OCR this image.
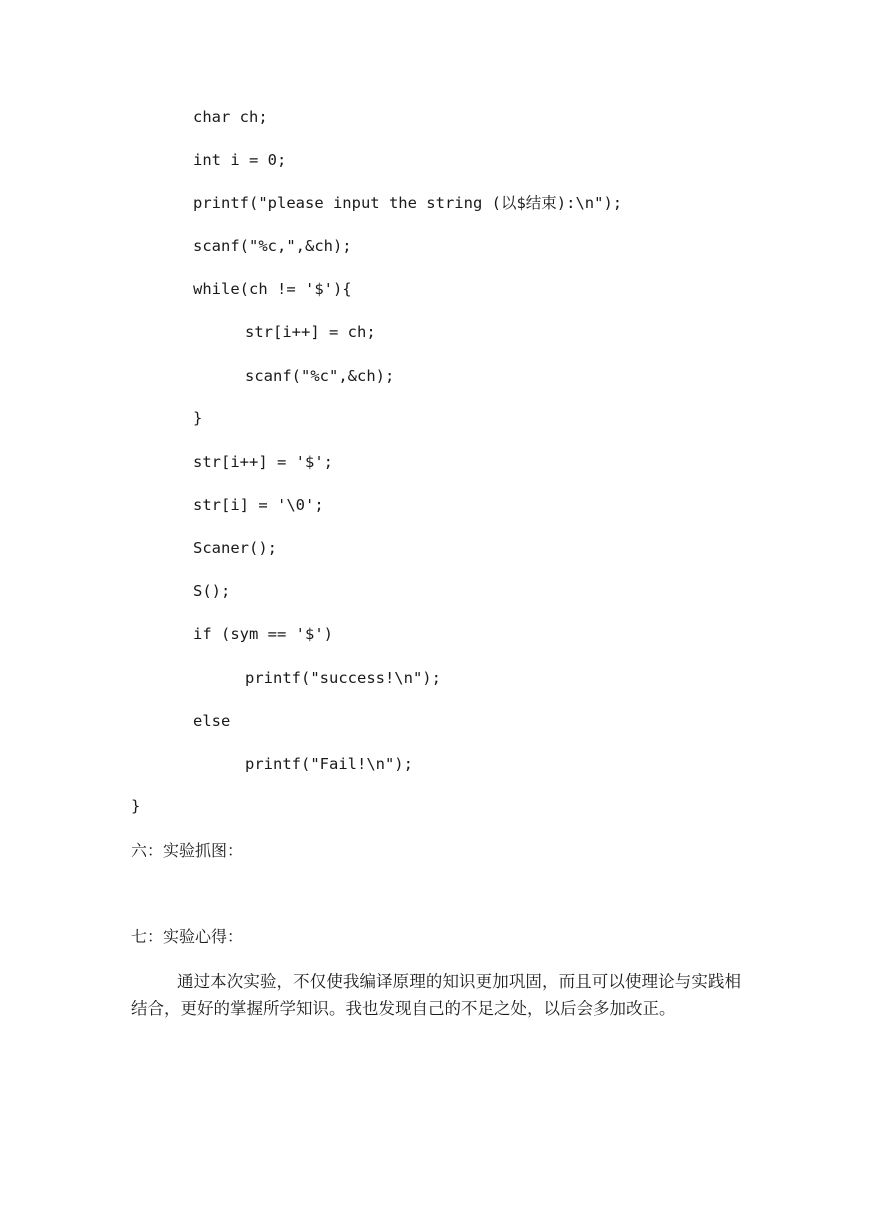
char ch;
int i = 0;
printf("please input the string (以$结束):\n");
scanf("%c,",&ch);
while(ch != '$'){
str[i++] = ch;
scanf("%c",&ch);
}
str[i++] = '$';
str[i] = '\0';
Scaner();
S();
if (sym == '$')
printf("success!\n");
else
printf("Fail!\n");
}
六：实验抓图：
七：实验心得：
通过本次实验，不仅使我编译原理的知识更加巩固，而且可以使理论与实践相结合，更好的掌握所学知识。我也发现自己的不足之处，以后会多加改正。
